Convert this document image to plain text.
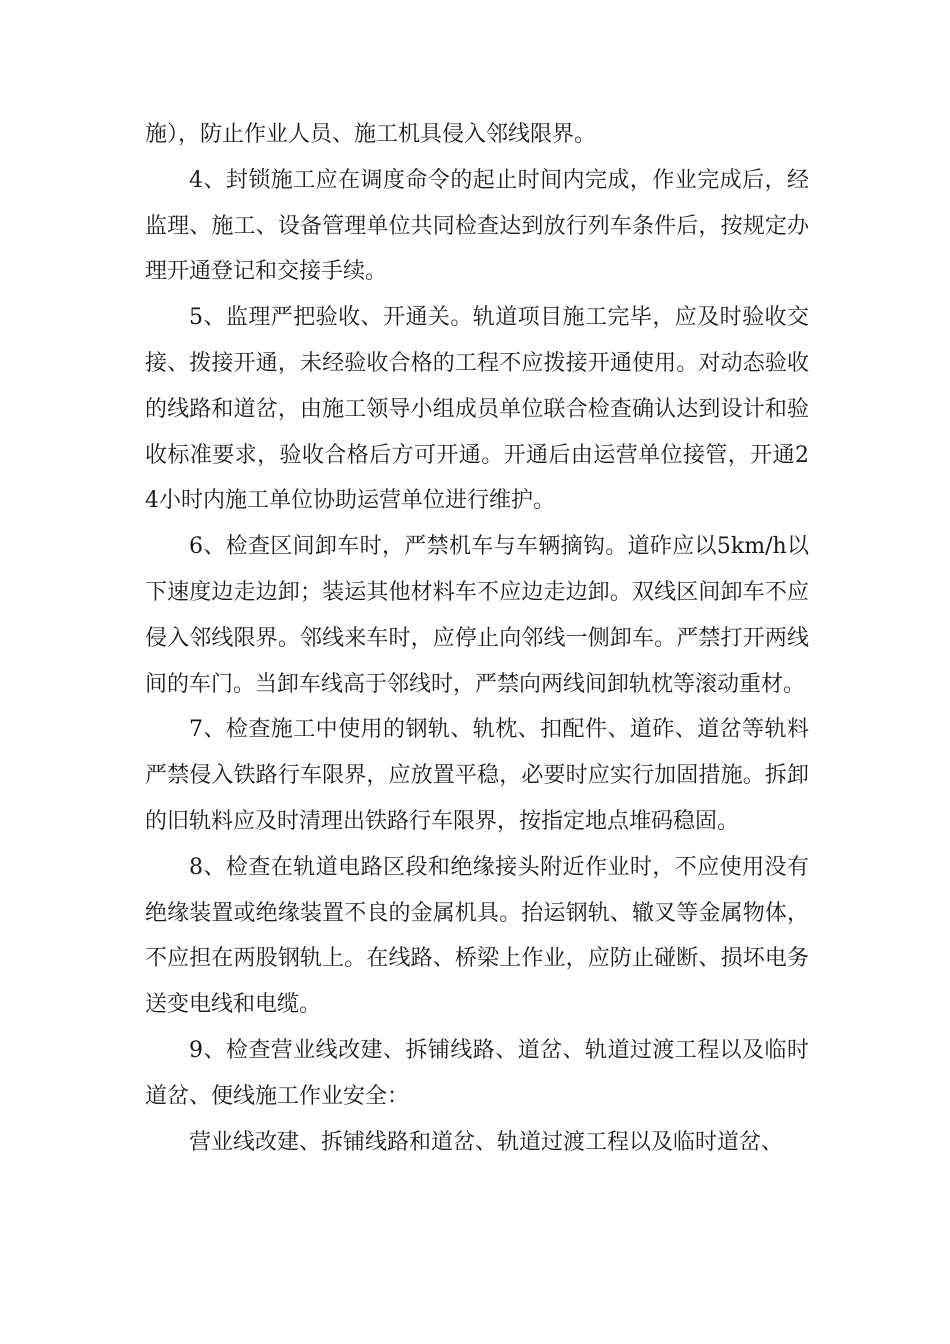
施），防止作业人员、施工机具侵入邻线限界。

4、封锁施工应在调度命令的起止时间内完成，作业完成后，经监理、施工、设备管理单位共同检查达到放行列车条件后，按规定办理开通登记和交接手续。

5、监理严把验收、开通关。轨道项目施工完毕，应及时验收交接、拨接开通，未经验收合格的工程不应拨接开通使用。对动态验收的线路和道岔，由施工领导小组成员单位联合检查确认达到设计和验收标准要求，验收合格后方可开通。开通后由运营单位接管，开通24小时内施工单位协助运营单位进行维护。

6、检查区间卸车时，严禁机车与车辆摘钩。道砟应以5km/h以下速度边走边卸；装运其他材料车不应边走边卸。双线区间卸车不应侵入邻线限界。邻线来车时，应停止向邻线一侧卸车。严禁打开两线间的车门。当卸车线高于邻线时，严禁向两线间卸轨枕等滚动重材。

7、检查施工中使用的钢轨、轨枕、扣配件、道砟、道岔等轨料严禁侵入铁路行车限界，应放置平稳，必要时应实行加固措施。拆卸的旧轨料应及时清理出铁路行车限界，按指定地点堆码稳固。

8、检查在轨道电路区段和绝缘接头附近作业时，不应使用没有绝缘装置或绝缘装置不良的金属机具。抬运钢轨、辙叉等金属物体，不应担在两股钢轨上。在线路、桥梁上作业，应防止碰断、损坏电务送变电线和电缆。

9、检查营业线改建、拆铺线路、道岔、轨道过渡工程以及临时道岔、便线施工作业安全：

营业线改建、拆铺线路和道岔、轨道过渡工程以及临时道岔、
